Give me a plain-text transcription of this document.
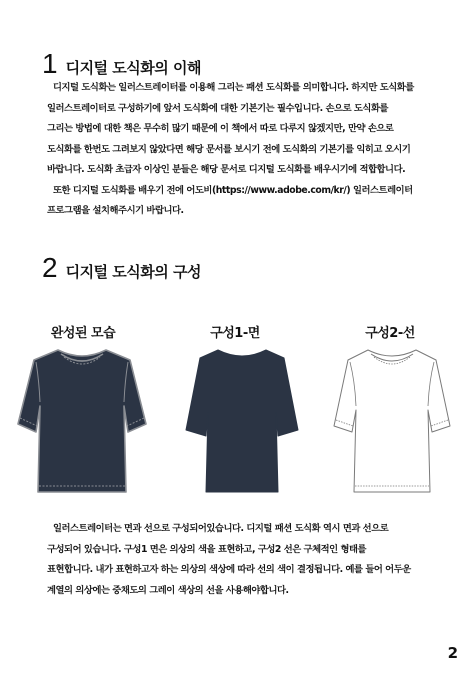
1 디지털 도식화의 이해
디지털 도식화는 일러스트레이터를 이용해 그리는 패션 도식화를 의미합니다. 하지만 도식화를
일러스트레이터로 구성하기에 앞서 도식화에 대한 기본기는 필수입니다. 손으로 도식화를
그리는 방법에 대한 책은 무수히 많기 때문에 이 책에서 따로 다루지 않겠지만, 만약 손으로
도식화를 한번도 그려보지 않았다면 해당 문서를 보시기 전에 도식화의 기본기를 익히고 오시기
바랍니다. 도식화 초급자 이상인 분들은 해당 문서로 디지털 도식화를 배우시기에 적합합니다.
또한 디지털 도식화를 배우기 전에 어도비(https://www.adobe.com/kr/) 일러스트레이터
프로그램을 설치해주시기 바랍니다.
2 디지털 도식화의 구성
완성된 모습	구성1-면	구성2-선
일러스트레이터는 면과 선으로 구성되어있습니다. 디지털 패션 도식화 역시 면과 선으로
구성되어 있습니다. 구성1 면은 의상의 색을 표현하고, 구성2 선은 구체적인 형태를
표현합니다. 내가 표현하고자 하는 의상의 색상에 따라 선의 색이 결정됩니다. 예를 들어 어두운
계열의 의상에는 중채도의 그레이 색상의 선을 사용해야합니다.
2
